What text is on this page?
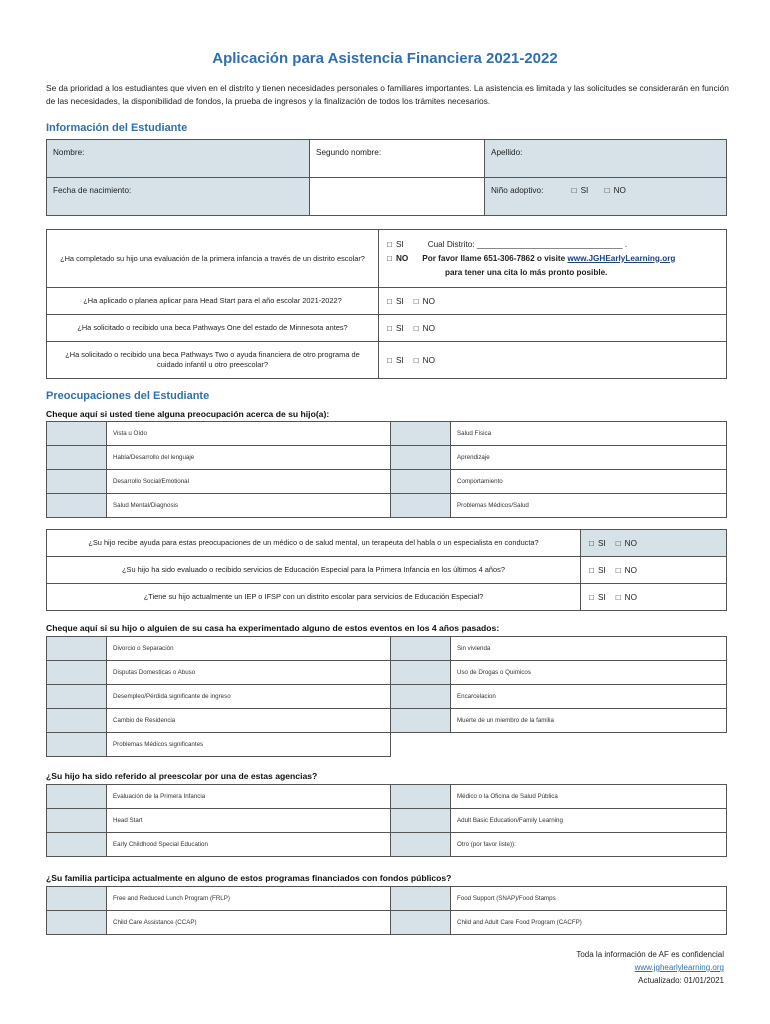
Aplicación para Asistencia Financiera 2021-2022
Se da prioridad a los estudiantes que viven en el distrito y tienen necesidades personales o familiares importantes. La asistencia es limitada y las solicitudes se considerarán en función de las necesidades, la disponibilidad de fondos, la prueba de ingresos y la finalización de todos los trámites necesarios.
Información del Estudiante
Nombre:	Segundo nombre:	Apellido:
Fecha de nacimiento:		Niño adoptivo: □ SI □ NO
¿Ha completado su hijo una evaluación de la primera infancia a través de un distrito escolar?	□ SI Cual Distrito: ________________________________ .
□ NO Por favor llame 651-306-7862 o visite www.JGHEarlyLearning.org
para tener una cita lo más pronto posible.

¿Ha aplicado o planea aplicar para Head Start para el año escolar 2021-2022?	□ SI □ NO
¿Ha solicitado o recibido una beca Pathways One del estado de Minnesota antes?	□ SI □ NO
¿Ha solicitado o recibido una beca Pathways Two o ayuda financiera de otro programa de cuidado infantil u otro preescolar?	□ SI □ NO
Preocupaciones del Estudiante
Cheque aquí si usted tiene alguna preocupación acerca de su hijo(a):
	Vista u Oído		Salud Física
	Habla/Desarrollo del lenguaje		Aprendizaje
	Desarrollo Social/Emotional		Comportamiento
	Salud Mental/Diagnosis		Problemas Médicos/Salud
¿Su hijo recibe ayuda para estas preocupaciones de un médico o de salud mental, un terapeuta del habla o un especialista en conducta?	□ SI □ NO
¿Su hijo ha sido evaluado o recibido servicios de Educación Especial para la Primera Infancia en los últimos 4 años?	□ SI □ NO
¿Tiene su hijo actualmente un IEP o IFSP con un distrito escolar para servicios de Educación Especial?	□ SI □ NO
Cheque aquí si su hijo o alguien de su casa ha experimentado alguno de estos eventos en los 4 años pasados:
	Divorcio o Separación		Sin vivienda
	Disputas Domesticas o Abuso		Uso de Drogas o Quimicos
	Desempleo/Pérdida significante de ingreso		Encarcelacion
	Cambio de Residencia		Muerte de un miembro de la familia
	Problemas Médicos significantes
¿Su hijo ha sido referido al preescolar por una de estas agencias?
	Evaluación de la Primera Infancia		Médico o la Oficina de Salud Pública
	Head Start		Adult Basic Education/Family Learning
	Early Childhood Special Education		Otro (por favor liste)):
¿Su familia participa actualmente en alguno de estos programas financiados con fondos públicos?
	Free and Reduced Lunch Program (FRLP)		Food Support (SNAP)/Food Stamps
	Child Care Assistance (CCAP)		Child and Adult Care Food Program (CACFP)
Toda la información de AF es confidencial
www.jghearlylearning.org
Actualizado: 01/01/2021
